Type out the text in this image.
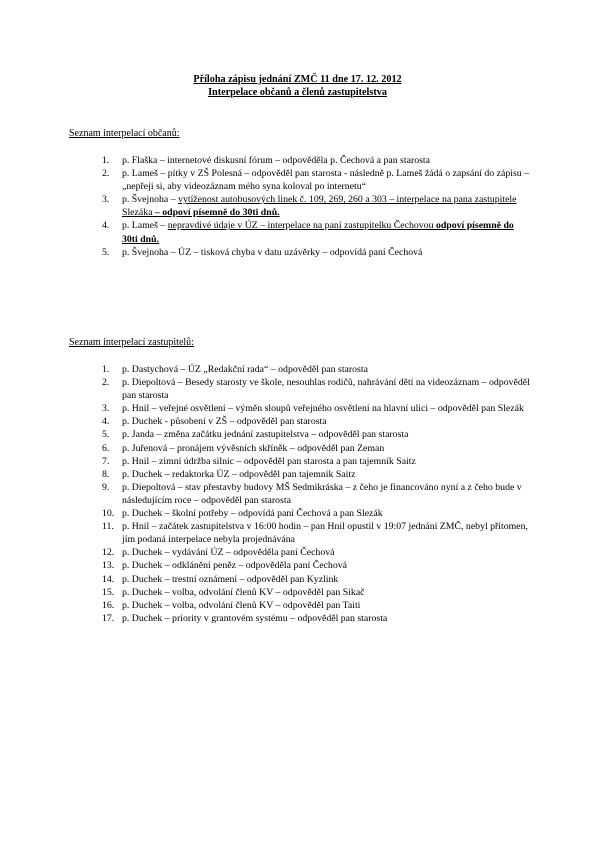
Příloha zápisu jednání ZMČ 11 dne 17. 12. 2012
Interpelace občanů a členů zastupitelstva
Seznam interpelací občanů:
1. p. Flaška – internetové diskusní fórum – odpověděla p. Čechová a pan starosta
2. p. Lameš – pítky v ZŠ Polesná – odpověděl pan starosta - následně p. Lameš žádá o zapsání do zápisu – „nepřeji si, aby videozáznam mého syna koloval po internetu“
3. p. Švejnoha – vytíženost autobusových linek č. 109, 269, 260 a 303 – interpelace na pana zastupitele Slezáka – odpoví písemně do 30ti dnů.
4. p. Lameš – nepravdivé údaje v ÚZ – interpelace na paní zastupitelku Čechovou odpoví písemně do 30ti dnů.
5. p. Švejnoha – ÚZ – tisková chyba v datu uzávěrky – odpovídá paní Čechová
Seznam interpelací zastupitelů:
1. p. Dastychová – ÚZ „Redakční rada“ – odpověděl pan starosta
2. p. Diepoltová – Besedy starosty ve škole, nesouhlas rodičů, nahrávání dětí na videozáznam – odpověděl pan starosta
3. p. Hnil – veřejné osvětlení – výměn sloupů veřejného osvětlení na hlavní ulici – odpověděl pan Slezák
4. p. Duchek - působení v ZŠ – odpověděl pan starosta
5. p. Janda – změna začátku jednání zastupitelstva – odpověděl pan starosta
6. p. Juřenová – pronájem vývěsních skříněk – odpověděl pan Zeman
7. p. Hnil – zimní údržba silnic – odpověděl pan starosta a pan tajemník Saitz
8. p. Duchek – redaktorka ÚZ – odpověděl pan tajemník Saitz
9. p. Diepoltová – stav přestavby budovy MŠ Sedmikráska – z čeho je financováno nyní a z čeho bude v následujícím roce – odpověděl pan starosta
10. p. Duchek – školní potřeby – odpovídá paní Čechová a pan Slezák
11. p. Hnil – začátek zastupitelstva v 16:00 hodin – pan Hnil opustil v 19:07 jednání ZMČ, nebyl přítomen, jím podaná interpelace nebyla projednávána
12. p. Duchek – vydávání ÚZ – odpověděla paní Čechová
13. p. Duchek – odklánění peněz – odpověděla paní Čechová
14. p. Duchek – trestní oznámení – odpověděl pan Kyzlink
15. p. Duchek – volba, odvolání členů KV – odpověděl pan Sikač
16. p. Duchek – volba, odvolání členů KV – odpověděl pan Taiti
17. p. Duchek – priority v grantovém systému – odpověděl pan starosta
